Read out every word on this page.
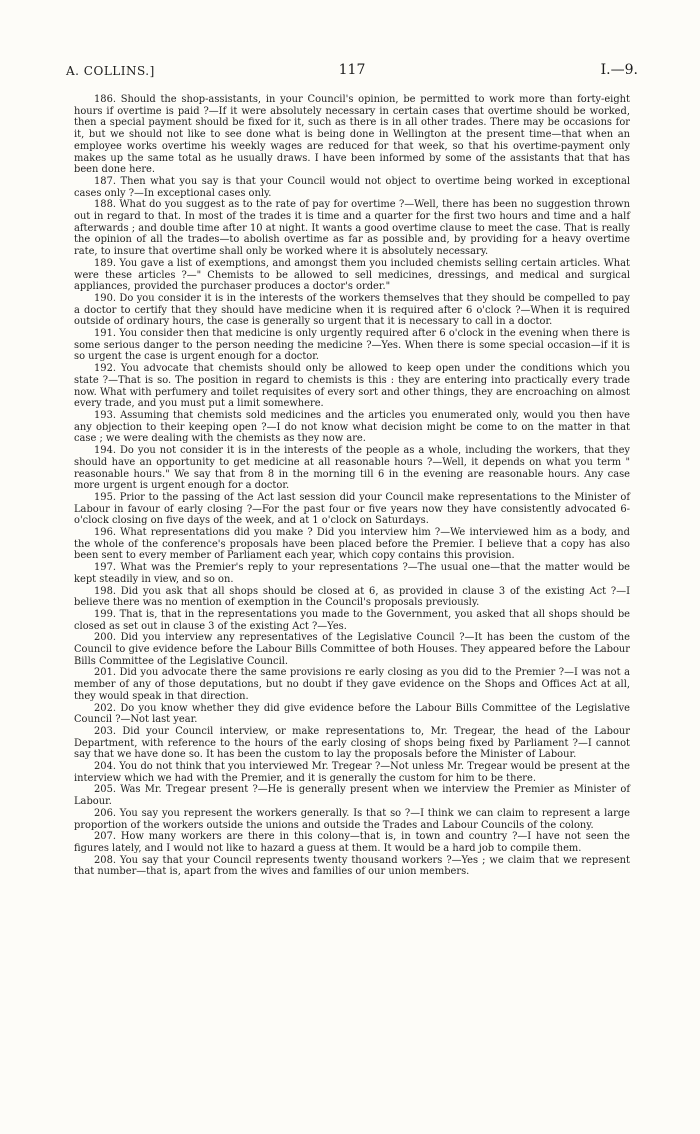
A. COLLINS.]	117	I.—9.

186. Should the shop-assistants, in your Council's opinion, be permitted to work more than forty-eight hours if overtime is paid ?—If it were absolutely necessary in certain cases that overtime should be worked, then a special payment should be fixed for it, such as there is in all other trades. There may be occasions for it, but we should not like to see done what is being done in Wellington at the present time—that when an employee works overtime his weekly wages are reduced for that week, so that his overtime-payment only makes up the same total as he usually draws. I have been informed by some of the assistants that that has been done here.

187. Then what you say is that your Council would not object to overtime being worked in exceptional cases only ?—In exceptional cases only.

188. What do you suggest as to the rate of pay for overtime ?—Well, there has been no suggestion thrown out in regard to that. In most of the trades it is time and a quarter for the first two hours and time and a half afterwards ; and double time after 10 at night. It wants a good overtime clause to meet the case. That is really the opinion of all the trades—to abolish overtime as far as possible and, by providing for a heavy overtime rate, to insure that overtime shall only be worked where it is absolutely necessary.

189. You gave a list of exemptions, and amongst them you included chemists selling certain articles. What were these articles ?—" Chemists to be allowed to sell medicines, dressings, and medical and surgical appliances, provided the purchaser produces a doctor's order."

190. Do you consider it is in the interests of the workers themselves that they should be compelled to pay a doctor to certify that they should have medicine when it is required after 6 o'clock ?—When it is required outside of ordinary hours, the case is generally so urgent that it is necessary to call in a doctor.

191. You consider then that medicine is only urgently required after 6 o'clock in the evening when there is some serious danger to the person needing the medicine ?—Yes. When there is some special occasion—if it is so urgent the case is urgent enough for a doctor.

192. You advocate that chemists should only be allowed to keep open under the conditions which you state ?—That is so. The position in regard to chemists is this : they are entering into practically every trade now. What with perfumery and toilet requisites of every sort and other things, they are encroaching on almost every trade, and you must put a limit somewhere.

193. Assuming that chemists sold medicines and the articles you enumerated only, would you then have any objection to their keeping open ?—I do not know what decision might be come to on the matter in that case ; we were dealing with the chemists as they now are.

194. Do you not consider it is in the interests of the people as a whole, including the workers, that they should have an opportunity to get medicine at all reasonable hours ?—Well, it depends on what you term " reasonable hours." We say that from 8 in the morning till 6 in the evening are reasonable hours. Any case more urgent is urgent enough for a doctor.

195. Prior to the passing of the Act last session did your Council make representations to the Minister of Labour in favour of early closing ?—For the past four or five years now they have consistently advocated 6-o'clock closing on five days of the week, and at 1 o'clock on Saturdays.

196. What representations did you make ? Did you interview him ?—We interviewed him as a body, and the whole of the conference's proposals have been placed before the Premier. I believe that a copy has also been sent to every member of Parliament each year, which copy contains this provision.

197. What was the Premier's reply to your representations ?—The usual one—that the matter would be kept steadily in view, and so on.

198. Did you ask that all shops should be closed at 6, as provided in clause 3 of the existing Act ?—I believe there was no mention of exemption in the Council's proposals previously.

199. That is, that in the representations you made to the Government, you asked that all shops should be closed as set out in clause 3 of the existing Act ?—Yes.

200. Did you interview any representatives of the Legislative Council ?—It has been the custom of the Council to give evidence before the Labour Bills Committee of both Houses. They appeared before the Labour Bills Committee of the Legislative Council.

201. Did you advocate there the same provisions re early closing as you did to the Premier ?—I was not a member of any of those deputations, but no doubt if they gave evidence on the Shops and Offices Act at all, they would speak in that direction.

202. Do you know whether they did give evidence before the Labour Bills Committee of the Legislative Council ?—Not last year.

203. Did your Council interview, or make representations to, Mr. Tregear, the head of the Labour Department, with reference to the hours of the early closing of shops being fixed by Parliament ?—I cannot say that we have done so. It has been the custom to lay the proposals before the Minister of Labour.

204. You do not think that you interviewed Mr. Tregear ?—Not unless Mr. Tregear would be present at the interview which we had with the Premier, and it is generally the custom for him to be there.

205. Was Mr. Tregear present ?—He is generally present when we interview the Premier as Minister of Labour.

206. You say you represent the workers generally. Is that so ?—I think we can claim to represent a large proportion of the workers outside the unions and outside the Trades and Labour Councils of the colony.

207. How many workers are there in this colony—that is, in town and country ?—I have not seen the figures lately, and I would not like to hazard a guess at them. It would be a hard job to compile them.

208. You say that your Council represents twenty thousand workers ?—Yes ; we claim that we represent that number—that is, apart from the wives and families of our union members.
